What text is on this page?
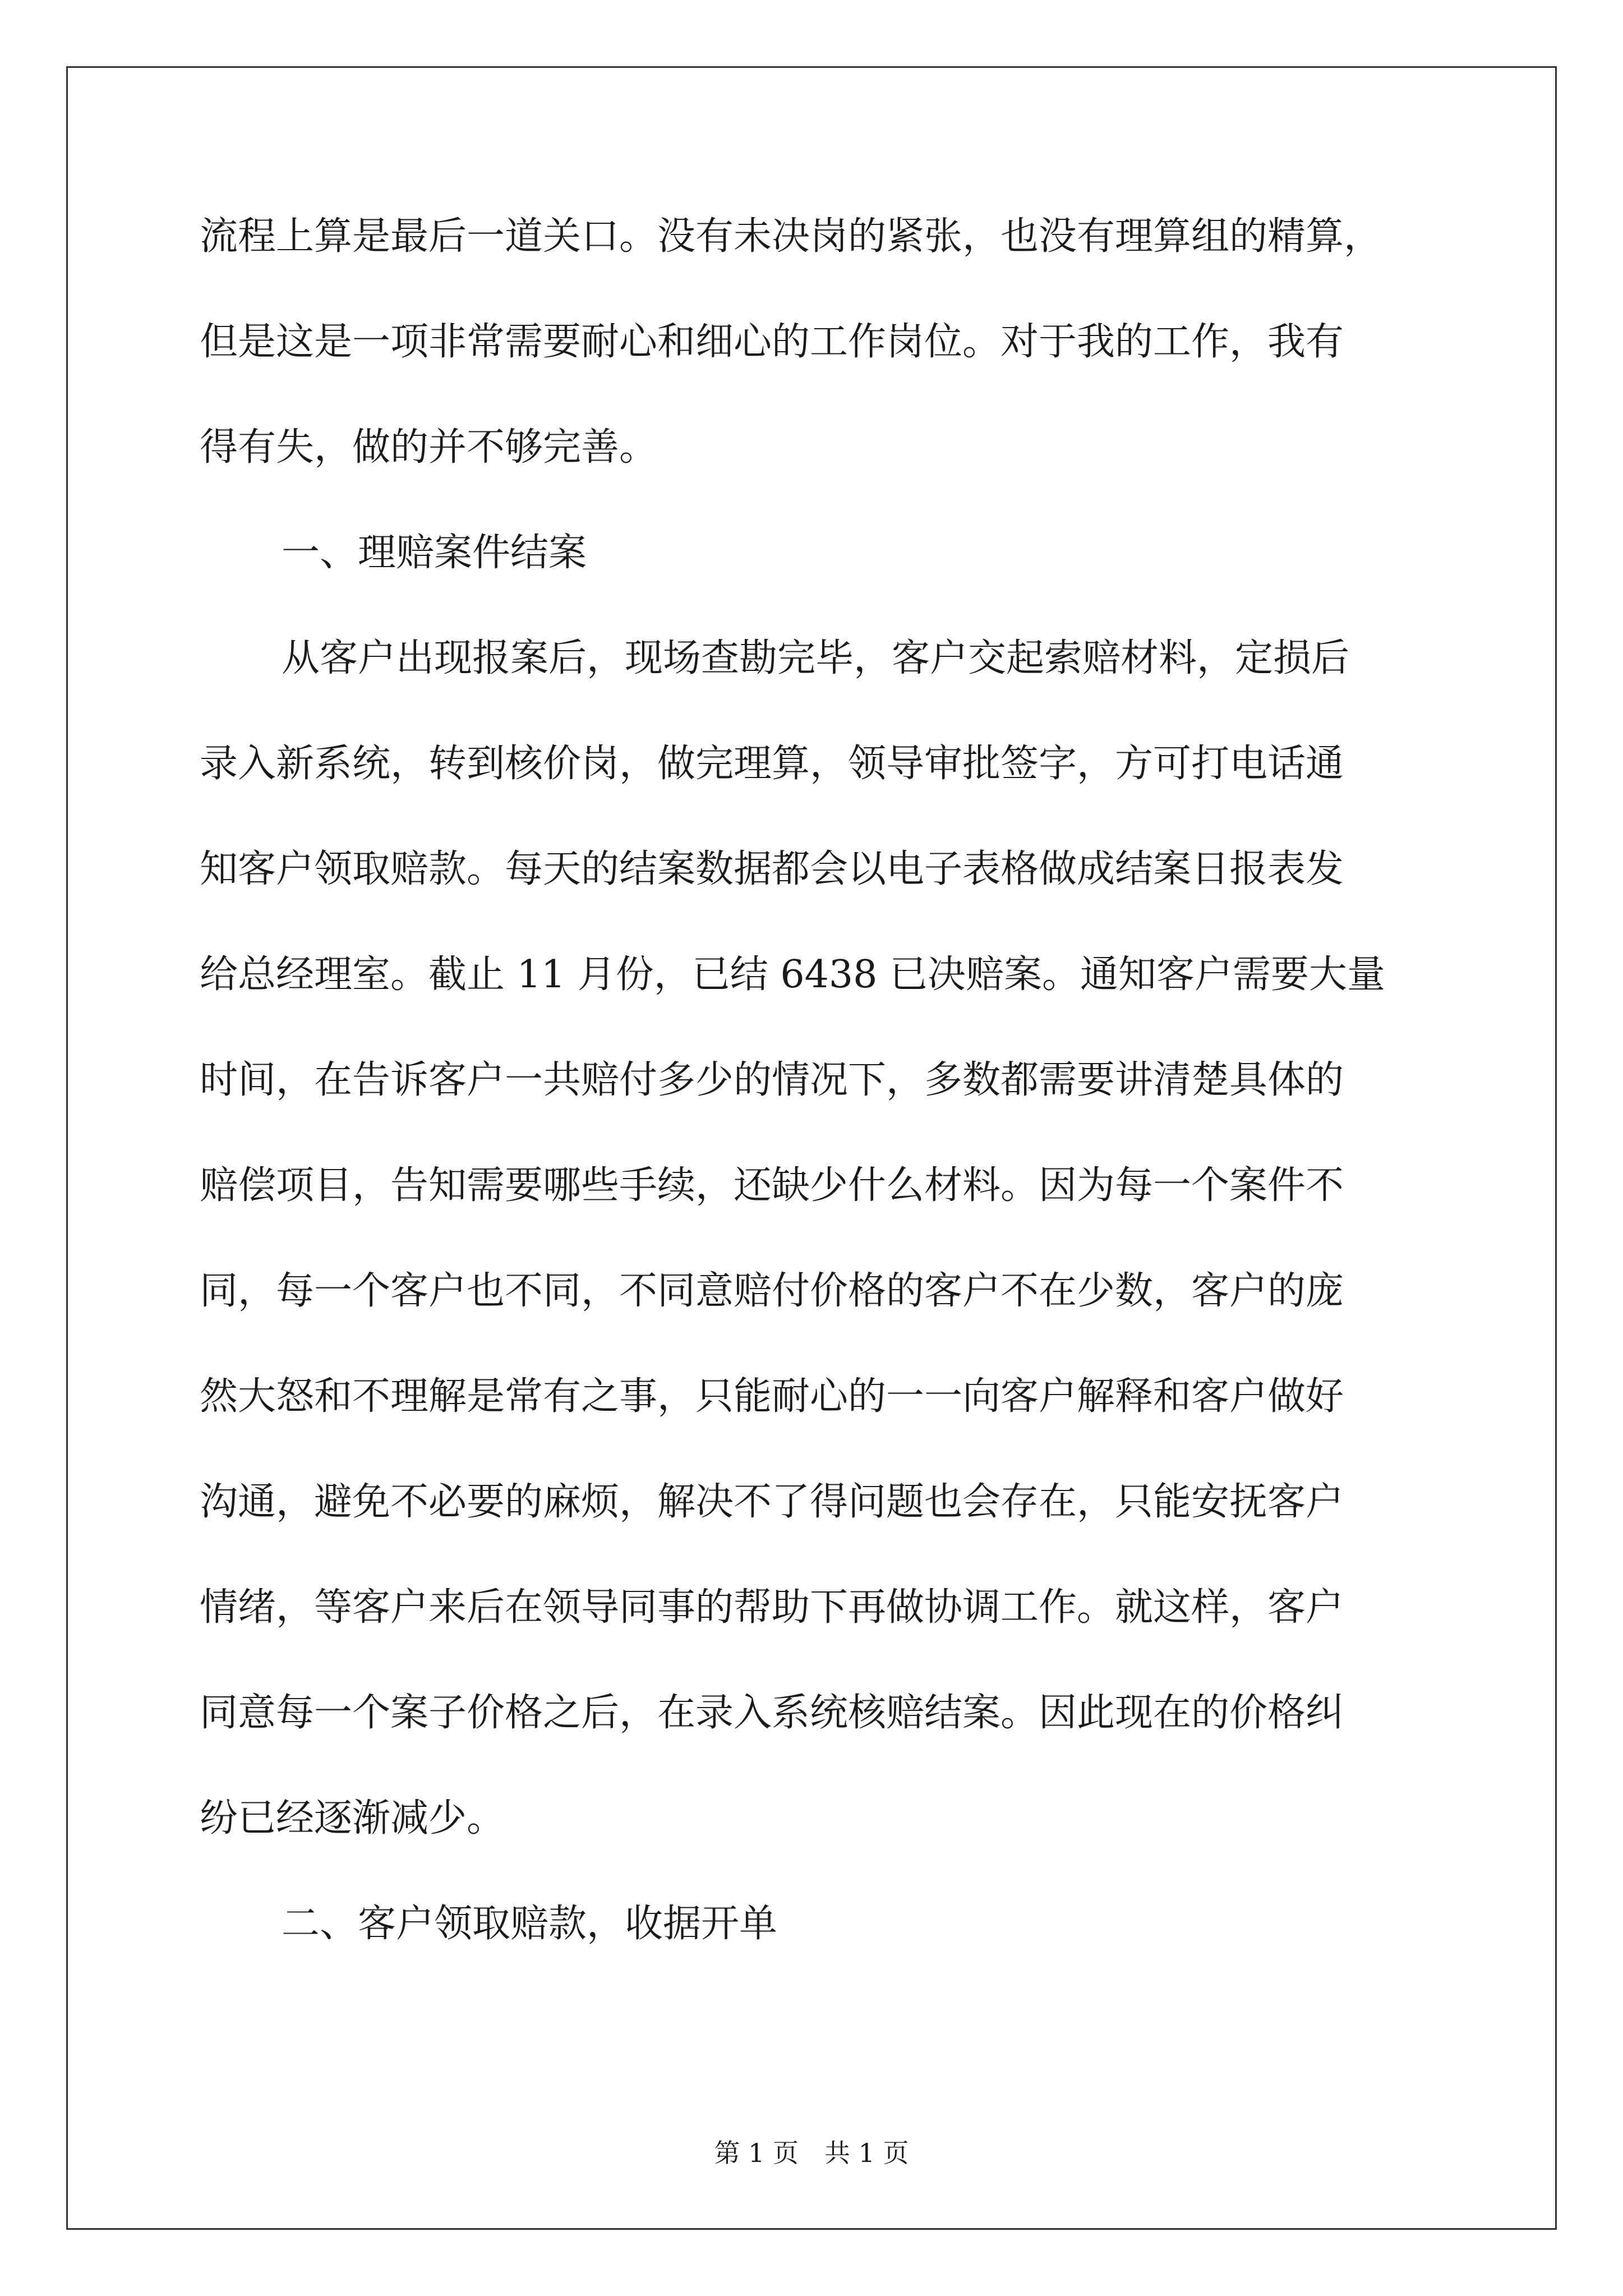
流程上算是最后一道关口。没有未决岗的紧张，也没有理算组的精算，
但是这是一项非常需要耐心和细心的工作岗位。对于我的工作，我有
得有失，做的并不够完善。
一、理赔案件结案
从客户出现报案后，现场查勘完毕，客户交起索赔材料，定损后
录入新系统，转到核价岗，做完理算，领导审批签字，方可打电话通
知客户领取赔款。每天的结案数据都会以电子表格做成结案日报表发
给总经理室。截止 11 月份，已结 6438 已决赔案。通知客户需要大量
时间，在告诉客户一共赔付多少的情况下，多数都需要讲清楚具体的
赔偿项目，告知需要哪些手续，还缺少什么材料。因为每一个案件不
同，每一个客户也不同，不同意赔付价格的客户不在少数，客户的庞
然大怒和不理解是常有之事，只能耐心的一一向客户解释和客户做好
沟通，避免不必要的麻烦，解决不了得问题也会存在，只能安抚客户
情绪，等客户来后在领导同事的帮助下再做协调工作。就这样，客户
同意每一个案子价格之后，在录入系统核赔结案。因此现在的价格纠
纷已经逐渐减少。
二、客户领取赔款，收据开单
第 1 页　共 1 页
